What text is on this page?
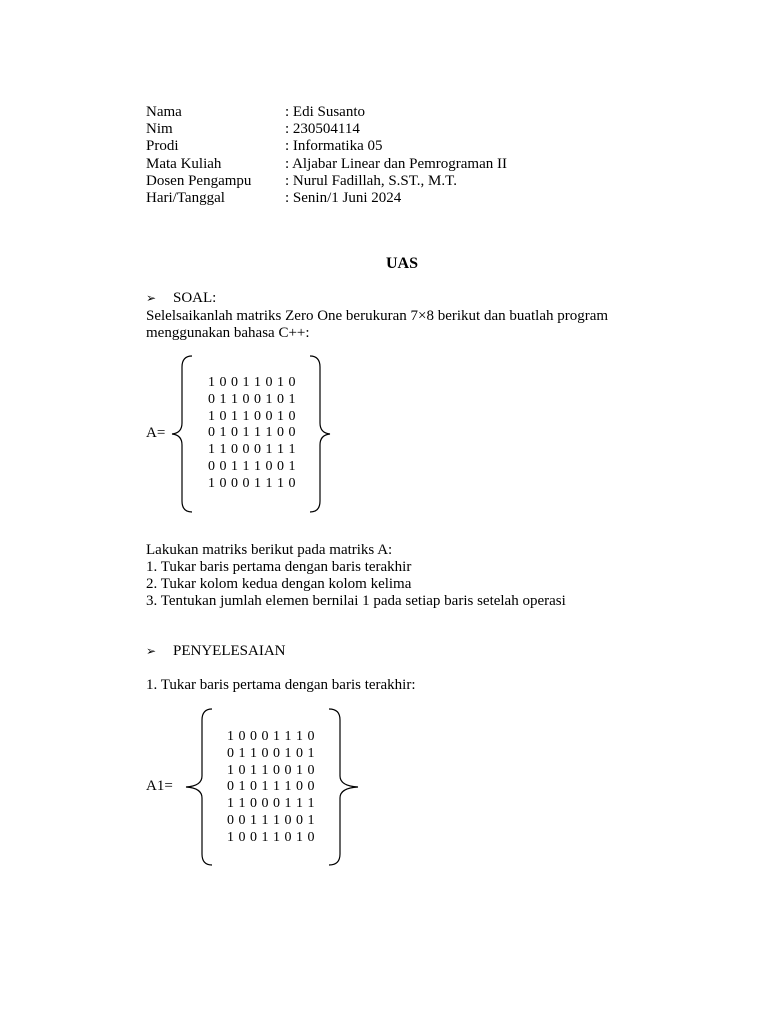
Nama	: Edi Susanto
Nim	: 230504114
Prodi	: Informatika 05
Mata Kuliah	: Aljabar Linear dan Pemrograman II
Dosen Pengampu : Nurul Fadillah, S.ST., M.T.
Hari/Tanggal	: Senin/1 Juni 2024
UAS
➢ SOAL:
Selelsaikanlah matriks Zero One berukuran 7×8 berikut dan buatlah program
menggunakan bahasa C++:
A=
1 0 0 1 1 0 1 0
0 1 1 0 0 1 0 1
1 0 1 1 0 0 1 0
0 1 0 1 1 1 0 0
1 1 0 0 0 1 1 1
0 0 1 1 1 0 0 1
1 0 0 0 1 1 1 0
Lakukan matriks berikut pada matriks A:
1. Tukar baris pertama dengan baris terakhir
2. Tukar kolom kedua dengan kolom kelima
3. Tentukan jumlah elemen bernilai 1 pada setiap baris setelah operasi
➢ PENYELESAIAN
1. Tukar baris pertama dengan baris terakhir:
A1=
1 0 0 0 1 1 1 0
0 1 1 0 0 1 0 1
1 0 1 1 0 0 1 0
0 1 0 1 1 1 0 0
1 1 0 0 0 1 1 1
0 0 1 1 1 0 0 1
1 0 0 1 1 0 1 0
